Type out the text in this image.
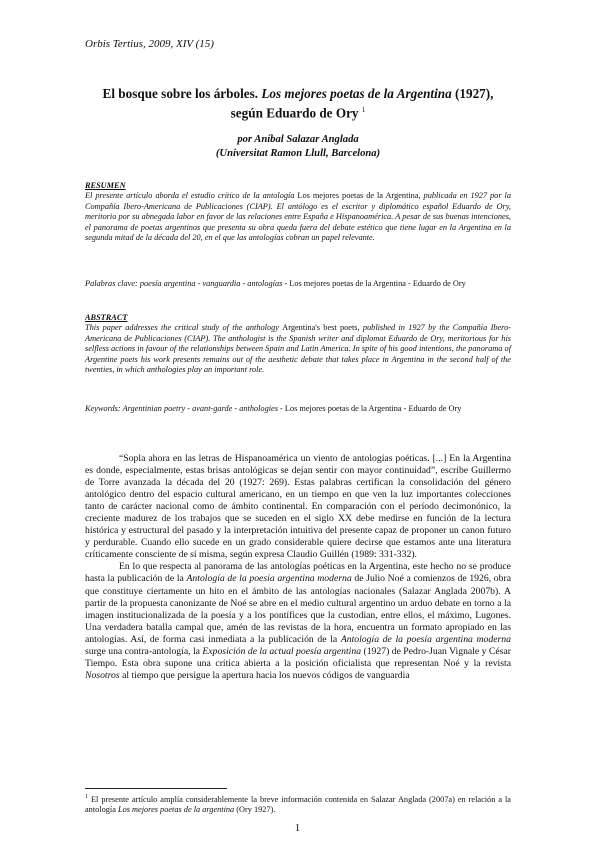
Orbis Tertius, 2009, XIV (15)
El bosque sobre los árboles. Los mejores poetas de la Argentina (1927),
según Eduardo de Ory $^1$
por Aníbal Salazar Anglada
(Universitat Ramon Llull, Barcelona)
RESUMEN
El presente artículo aborda el estudio crítico de la antología Los mejores poetas de la Argentina, publicada en 1927 por la Compañía Ibero-Americana de Publicaciones (CIAP). El antólogo es el escritor y diplomático español Eduardo de Ory, meritorio por su abnegada labor en favor de las relaciones entre España e Hispanoamérica. A pesar de sus buenas intenciones, el panorama de poetas argentinos que presenta su obra queda fuera del debate estético que tiene lugar en la Argentina en la segunda mitad de la década del 20, en el que las antologías cobran un papel relevante.
Palabras clave: poesía argentina - vanguardia - antologías - Los mejores poetas de la Argentina - Eduardo de Ory
ABSTRACT
This paper addresses the critical study of the anthology Argentina's best poets, published in 1927 by the Compañía Ibero-Americana de Publicaciones (CIAP). The anthologist is the Spanish writer and diplomat Eduardo de Ory, meritorious for his selfless actions in favour of the relationships between Spain and Latin America. In spite of his good intentions, the panorama of Argentine poets his work presents remains out of the aesthetic debate that takes place in Argentina in the second half of the twenties, in which anthologies play an important role.
Keywords: Argentinian poetry - avant-garde - anthologies - Los mejores poetas de la Argentina - Eduardo de Ory

“Sopla ahora en las letras de Hispanoamérica un viento de antologías poéticas. [...] En la Argentina es donde, especialmente, estas brisas antológicas se dejan sentir con mayor continuidad”, escribe Guillermo de Torre avanzada la década del 20 (1927: 269). Estas palabras certifican la consolidación del género antológico dentro del espacio cultural americano, en un tiempo en que ven la luz importantes colecciones tanto de carácter nacional como de ámbito continental. En comparación con el período decimonónico, la creciente madurez de los trabajos que se suceden en el siglo XX debe medirse en función de la lectura histórica y estructural del pasado y la interpretación intuitiva del presente capaz de proponer un canon futuro y perdurable. Cuando ello sucede en un grado considerable quiere decirse que estamos ante una literatura críticamente consciente de sí misma, según expresa Claudio Guillén (1989: 331-332).

En lo que respecta al panorama de las antologías poéticas en la Argentina, este hecho no se produce hasta la publicación de la Antología de la poesía argentina moderna de Julio Noé a comienzos de 1926, obra que constituye ciertamente un hito en el ámbito de las antologías nacionales (Salazar Anglada 2007b). A partir de la propuesta canonizante de Noé se abre en el medio cultural argentino un arduo debate en torno a la imagen institucionalizada de la poesía y a los pontífices que la custodian, entre ellos, el máximo, Lugones. Una verdadera batalla campal que, amén de las revistas de la hora, encuentra un formato apropiado en las antologías. Así, de forma casi inmediata a la publicación de la Antología de la poesía argentina moderna surge una contra-antología, la Exposición de la actual poesía argentina (1927) de Pedro-Juan Vignale y César Tiempo. Esta obra supone una crítica abierta a la posición oficialista que representan Noé y la revista Nosotros al tiempo que persigue la apertura hacia los nuevos códigos de vanguardia

$^1$ El presente artículo amplía considerablemente la breve información contenida en Salazar Anglada (2007a) en relación a la antología Los mejores poetas de la argentina (Ory 1927).
1
